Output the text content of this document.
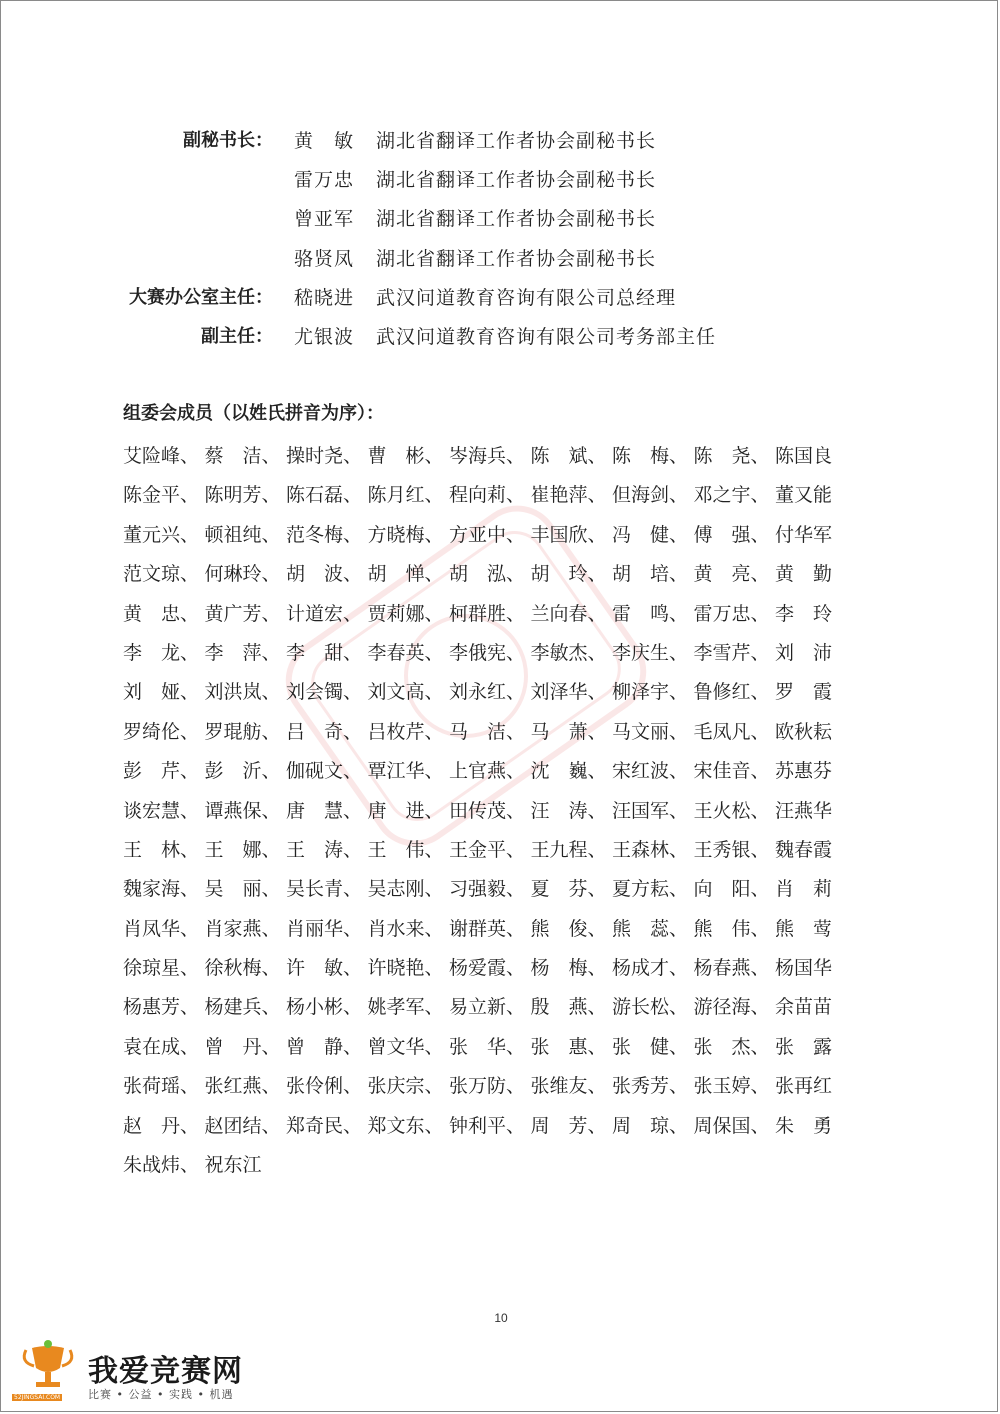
副秘书长： 黄　敏 湖北省翻译工作者协会副秘书长
雷万忠 湖北省翻译工作者协会副秘书长
曾亚军 湖北省翻译工作者协会副秘书长
骆贤凤 湖北省翻译工作者协会副秘书长
大赛办公室主任： 嵇晓进 武汉问道教育咨询有限公司总经理
副主任： 尤银波 武汉问道教育咨询有限公司考务部主任
组委会成员（以姓氏拼音为序）：
艾险峰、 蔡　洁、 操时尧、 曹　彬、 岑海兵、 陈　斌、 陈　梅、 陈　尧、 陈国良
陈金平、 陈明芳、 陈石磊、 陈月红、 程向莉、 崔艳萍、 但海剑、 邓之宇、 董又能
董元兴、 顿祖纯、 范冬梅、 方晓梅、 方亚中、 丰国欣、 冯　健、 傅　强、 付华军
范文琼、 何琳玲、 胡　波、 胡　惮、 胡　泓、 胡　玲、 胡　培、 黄　亮、 黄　勤
黄　忠、 黄广芳、 计道宏、 贾莉娜、 柯群胜、 兰向春、 雷　鸣、 雷万忠、 李　玲
李　龙、 李　萍、 李　甜、 李春英、 李俄宪、 李敏杰、 李庆生、 李雪芹、 刘　沛
刘　娅、 刘洪岚、 刘会镯、 刘文高、 刘永红、 刘泽华、 柳泽宇、 鲁修红、 罗　霞
罗绮伦、 罗琨舫、 吕　奇、 吕枚芹、 马　洁、 马　萧、 马文丽、 毛凤凡、 欧秋耘
彭　芹、 彭　沂、 伽砚文、 覃江华、 上官燕、 沈　巍、 宋红波、 宋佳音、 苏惠芬
谈宏慧、 谭燕保、 唐　慧、 唐　进、 田传茂、 汪　涛、 汪国军、 王火松、 汪燕华
王　林、 王　娜、 王　涛、 王　伟、 王金平、 王九程、 王森林、 王秀银、 魏春霞
魏家海、 吴　丽、 吴长青、 吴志刚、 习强毅、 夏　芬、 夏方耘、 向　阳、 肖　莉
肖凤华、 肖家燕、 肖丽华、 肖水来、 谢群英、 熊　俊、 熊　蕊、 熊　伟、 熊　莺
徐琼星、 徐秋梅、 许　敏、 许晓艳、 杨爱霞、 杨　梅、 杨成才、 杨春燕、 杨国华
杨惠芳、 杨建兵、 杨小彬、 姚孝军、 易立新、 殷　燕、 游长松、 游径海、 余苗苗
袁在成、 曾　丹、 曾　静、 曾文华、 张　华、 张　惠、 张　健、 张　杰、 张　露
张荷瑶、 张红燕、 张伶俐、 张庆宗、 张万防、 张维友、 张秀芳、 张玉婷、 张再红
赵　丹、 赵团结、 郑奇民、 郑文东、 钟利平、 周　芳、 周　琼、 周保国、 朱　勇
朱战炜、 祝东江
10
52JINGSAI.COM
我爱竞赛网
比赛 • 公益 • 实践 • 机遇
